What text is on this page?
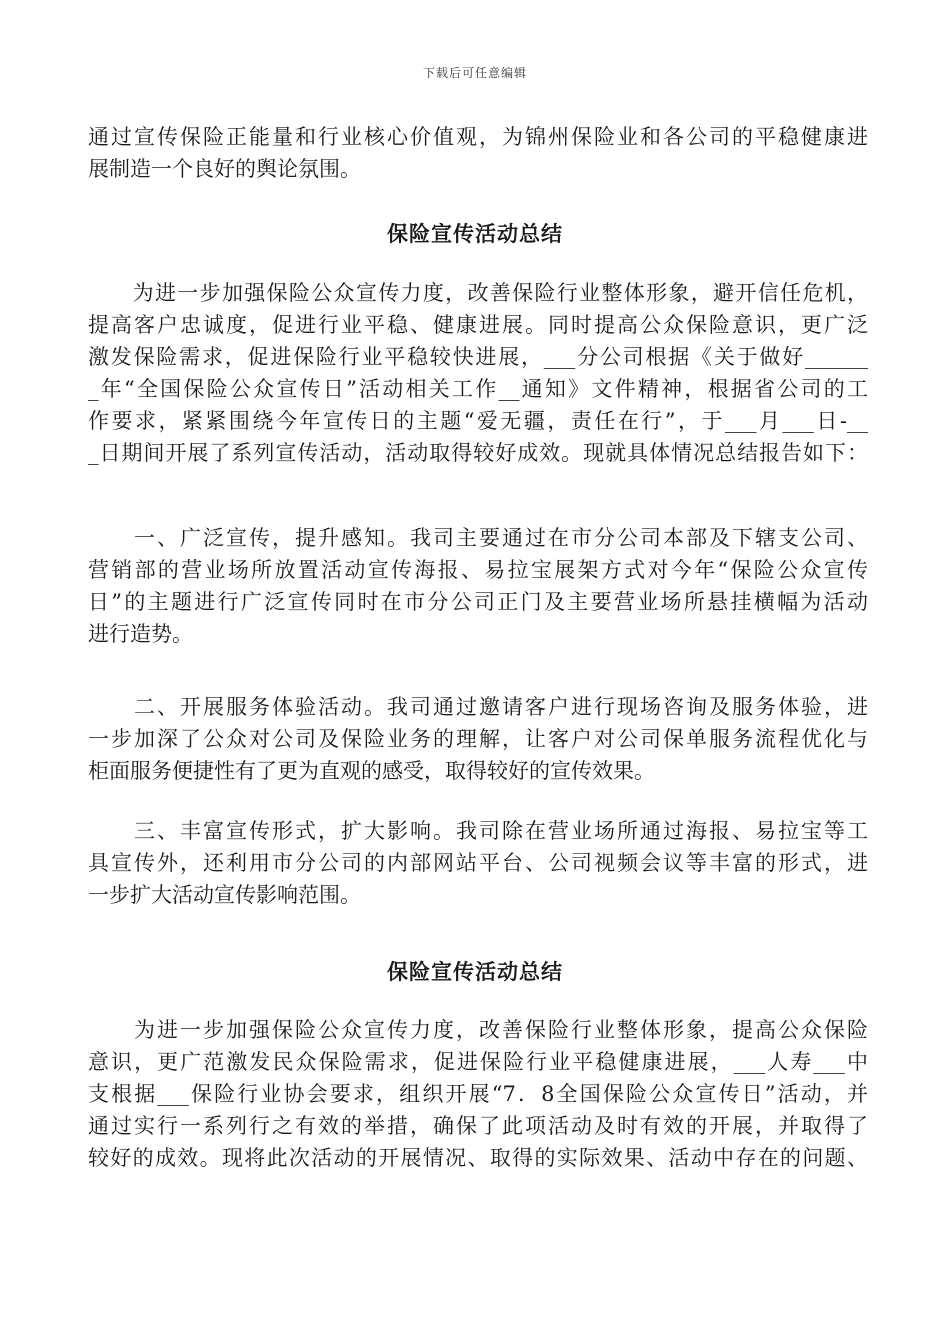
下载后可任意编辑
通过宣传保险正能量和行业核心价值观，为锦州保险业和各公司的平稳健康进
展制造一个良好的舆论氛围。
保险宣传活动总结
　　为进一步加强保险公众宣传力度，改善保险行业整体形象，避开信任危机，
提高客户忠诚度，促进行业平稳、健康进展。同时提高公众保险意识，更广泛
激发保险需求，促进保险行业平稳较快进展，___分公司根据《关于做好______
_年“全国保险公众宣传日”活动相关工作__通知》文件精神，根据省公司的工
作要求，紧紧围绕今年宣传日的主题“爱无疆，责任在行”，于___月___日-__
_日期间开展了系列宣传活动，活动取得较好成效。现就具体情况总结报告如下：
　　一、广泛宣传，提升感知。我司主要通过在市分公司本部及下辖支公司、
营销部的营业场所放置活动宣传海报、易拉宝展架方式对今年“保险公众宣传
日”的主题进行广泛宣传同时在市分公司正门及主要营业场所悬挂横幅为活动
进行造势。
　　二、开展服务体验活动。我司通过邀请客户进行现场咨询及服务体验，进
一步加深了公众对公司及保险业务的理解，让客户对公司保单服务流程优化与
柜面服务便捷性有了更为直观的感受，取得较好的宣传效果。
　　三、丰富宣传形式，扩大影响。我司除在营业场所通过海报、易拉宝等工
具宣传外，还利用市分公司的内部网站平台、公司视频会议等丰富的形式，进
一步扩大活动宣传影响范围。
保险宣传活动总结
　　为进一步加强保险公众宣传力度，改善保险行业整体形象，提高公众保险
意识，更广范激发民众保险需求，促进保险行业平稳健康进展，___人寿___中
支根据___保险行业协会要求，组织开展“7．8全国保险公众宣传日”活动，并
通过实行一系列行之有效的举措，确保了此项活动及时有效的开展，并取得了
较好的成效。现将此次活动的开展情况、取得的实际效果、活动中存在的问题、
